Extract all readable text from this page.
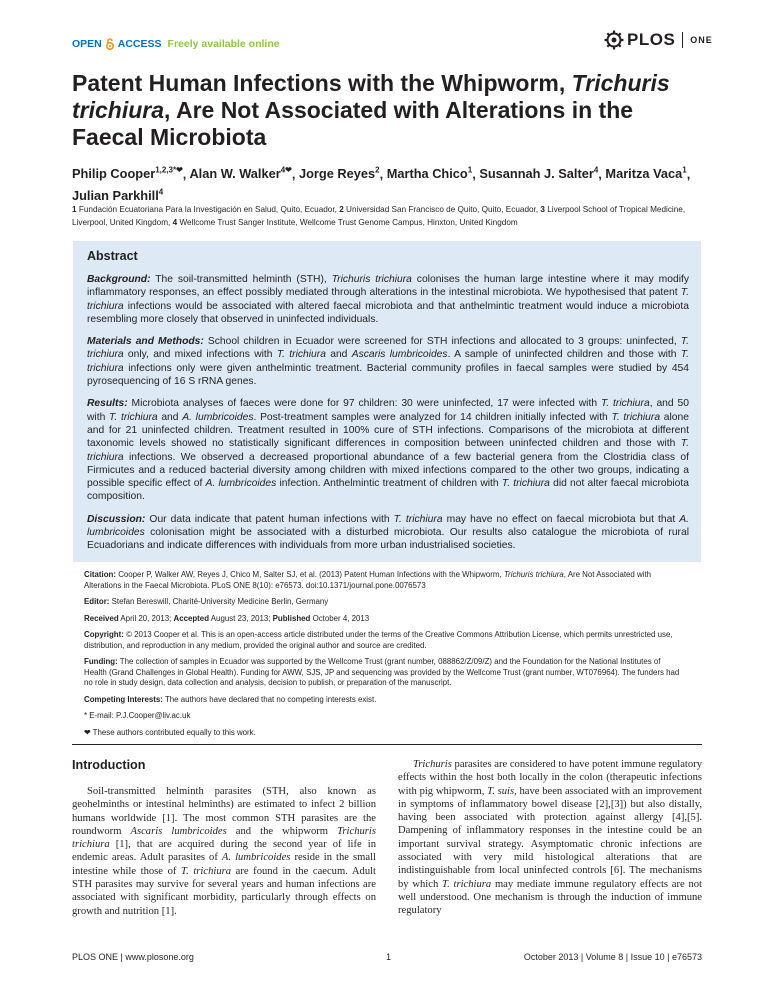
OPEN ACCESS Freely available online	PLOS ONE
Patent Human Infections with the Whipworm, Trichuris trichiura, Are Not Associated with Alterations in the Faecal Microbiota
Philip Cooper$^{1,2,3*❤}$, Alan W. Walker$^{4❤}$, Jorge Reyes$^2$, Martha Chico$^1$, Susannah J. Salter$^4$, Maritza Vaca$^1$, Julian Parkhill$^4$
1 Fundación Ecuatoriana Para la Investigación en Salud, Quito, Ecuador, 2 Universidad San Francisco de Quito, Quito, Ecuador, 3 Liverpool School of Tropical Medicine, Liverpool, United Kingdom, 4 Wellcome Trust Sanger Institute, Wellcome Trust Genome Campus, Hinxton, United Kingdom
Abstract

Background: The soil-transmitted helminth (STH), Trichuris trichiura colonises the human large intestine where it may modify inflammatory responses, an effect possibly mediated through alterations in the intestinal microbiota. We hypothesised that patent T. trichiura infections would be associated with altered faecal microbiota and that anthelmintic treatment would induce a microbiota resembling more closely that observed in uninfected individuals.

Materials and Methods: School children in Ecuador were screened for STH infections and allocated to 3 groups: uninfected, T. trichiura only, and mixed infections with T. trichiura and Ascaris lumbricoides. A sample of uninfected children and those with T. trichiura infections only were given anthelmintic treatment. Bacterial community profiles in faecal samples were studied by 454 pyrosequencing of 16 S rRNA genes.

Results: Microbiota analyses of faeces were done for 97 children: 30 were uninfected, 17 were infected with T. trichiura, and 50 with T. trichiura and A. lumbricoides. Post-treatment samples were analyzed for 14 children initially infected with T. trichiura alone and for 21 uninfected children. Treatment resulted in 100% cure of STH infections. Comparisons of the microbiota at different taxonomic levels showed no statistically significant differences in composition between uninfected children and those with T. trichiura infections. We observed a decreased proportional abundance of a few bacterial genera from the Clostridia class of Firmicutes and a reduced bacterial diversity among children with mixed infections compared to the other two groups, indicating a possible specific effect of A. lumbricoides infection. Anthelmintic treatment of children with T. trichiura did not alter faecal microbiota composition.

Discussion: Our data indicate that patent human infections with T. trichiura may have no effect on faecal microbiota but that A. lumbricoides colonisation might be associated with a disturbed microbiota. Our results also catalogue the microbiota of rural Ecuadorians and indicate differences with individuals from more urban industrialised societies.

Citation: Cooper P, Walker AW, Reyes J, Chico M, Salter SJ, et al. (2013) Patent Human Infections with the Whipworm, Trichuris trichiura, Are Not Associated with Alterations in the Faecal Microbiota. PLoS ONE 8(10): e76573. doi:10.1371/journal.pone.0076573

Editor: Stefan Bereswill, Charité-University Medicine Berlin, Germany

Received April 20, 2013; Accepted August 23, 2013; Published October 4, 2013

Copyright: © 2013 Cooper et al. This is an open-access article distributed under the terms of the Creative Commons Attribution License, which permits unrestricted use, distribution, and reproduction in any medium, provided the original author and source are credited.

Funding: The collection of samples in Ecuador was supported by the Wellcome Trust (grant number, 088862/Z/09/Z) and the Foundation for the National Institutes of Health (Grand Challenges in Global Health). Funding for AWW, SJS, JP and sequencing was provided by the Wellcome Trust (grant number, WT076964). The funders had no role in study design, data collection and analysis, decision to publish, or preparation of the manuscript.

Competing Interests: The authors have declared that no competing interests exist.

* E-mail: P.J.Cooper@liv.ac.uk

❤ These authors contributed equally to this work.

Introduction

Soil-transmitted helminth parasites (STH, also known as geohelminths or intestinal helminths) are estimated to infect 2 billion humans worldwide [1]. The most common STH parasites are the roundworm Ascaris lumbricoides and the whipworm Trichuris trichiura [1], that are acquired during the second year of life in endemic areas. Adult parasites of A. lumbricoides reside in the small intestine while those of T. trichiura are found in the caecum. Adult STH parasites may survive for several years and human infections are associated with significant morbidity, particularly through effects on growth and nutrition [1].

Trichuris parasites are considered to have potent immune regulatory effects within the host both locally in the colon (therapeutic infections with pig whipworm, T. suis, have been associated with an improvement in symptoms of inflammatory bowel disease [2],[3]) but also distally, having been associated with protection against allergy [4],[5]. Dampening of inflammatory responses in the intestine could be an important survival strategy. Asymptomatic chronic infections are associated with very mild histological alterations that are indistinguishable from local uninfected controls [6]. The mechanisms by which T. trichiura may mediate immune regulatory effects are not well understood. One mechanism is through the induction of immune regulatory

PLOS ONE | www.plosone.org	1	October 2013 | Volume 8 | Issue 10 | e76573
